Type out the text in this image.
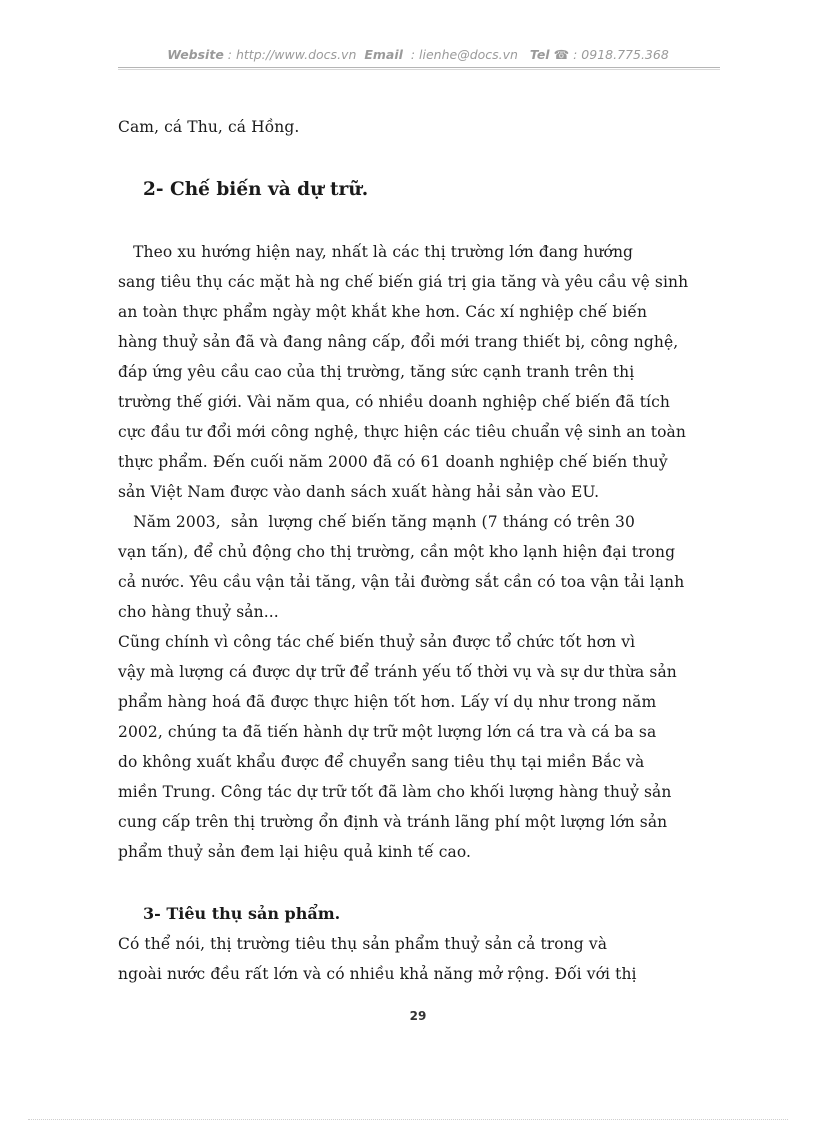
Website : http://www.docs.vn Email : lienhe@docs.vn Tel ☎ : 0918.775.368
Cam, cá Thu, cá Hồng.
2- Chế biến và dự trữ.
Theo xu hướng hiện nay, nhất là các thị trường lớn đang hướng
sang tiêu thụ các mặt hà ng chế biến giá trị gia tăng và yêu cầu vệ sinh
an toàn thực phẩm ngày một khắt khe hơn. Các xí nghiệp chế biến
hàng thuỷ sản đã và đang nâng cấp, đổi mới trang thiết bị, công nghệ,
đáp ứng yêu cầu cao của thị trường, tăng sức cạnh tranh trên thị
trường thế giới. Vài năm qua, có nhiều doanh nghiệp chế biến đã tích
cực đầu tư đổi mới công nghệ, thực hiện các tiêu chuẩn vệ sinh an toàn
thực phẩm. Đến cuối năm 2000 đã có 61 doanh nghiệp chế biến thuỷ
sản Việt Nam được vào danh sách xuất hàng hải sản vào EU.
Năm 2003,  sản  lượng chế biến tăng mạnh (7 tháng có trên 30
vạn tấn), để chủ động cho thị trường, cần một kho lạnh hiện đại trong
cả nước. Yêu cầu vận tải tăng, vận tải đường sắt cần có toa vận tải lạnh
cho hàng thuỷ sản...
Cũng chính vì công tác chế biến thuỷ sản được tổ chức tốt hơn vì
vậy mà lượng cá được dự trữ để tránh yếu tố thời vụ và sự dư thừa sản
phẩm hàng hoá đã được thực hiện tốt hơn. Lấy ví dụ như trong năm
2002, chúng ta đã tiến hành dự trữ một lượng lớn cá tra và cá ba sa
do không xuất khẩu được để chuyển sang tiêu thụ tại miền Bắc và
miền Trung. Công tác dự trữ tốt đã làm cho khối lượng hàng thuỷ sản
cung cấp trên thị trường ổn định và tránh lãng phí một lượng lớn sản
phẩm thuỷ sản đem lại hiệu quả kinh tế cao.
3- Tiêu thụ sản phẩm.
Có thể nói, thị trường tiêu thụ sản phẩm thuỷ sản cả trong và
ngoài nước đều rất lớn và có nhiều khả năng mở rộng. Đối với thị
29
